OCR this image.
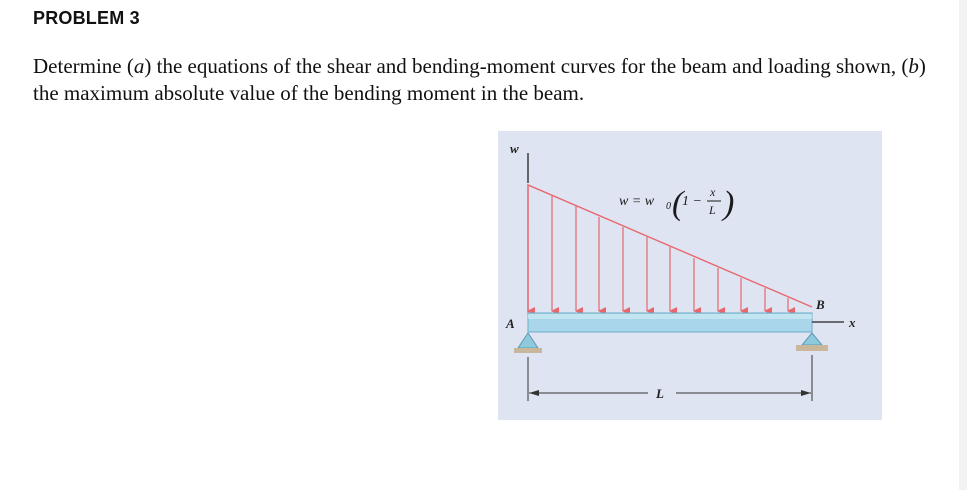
PROBLEM 3
Determine (a) the equations of the shear and bending-moment curves for the beam and loading shown, (b) the maximum absolute value of the bending moment in the beam.
w
w = w 0 (
1 −
x
L )
A
B
x
L
